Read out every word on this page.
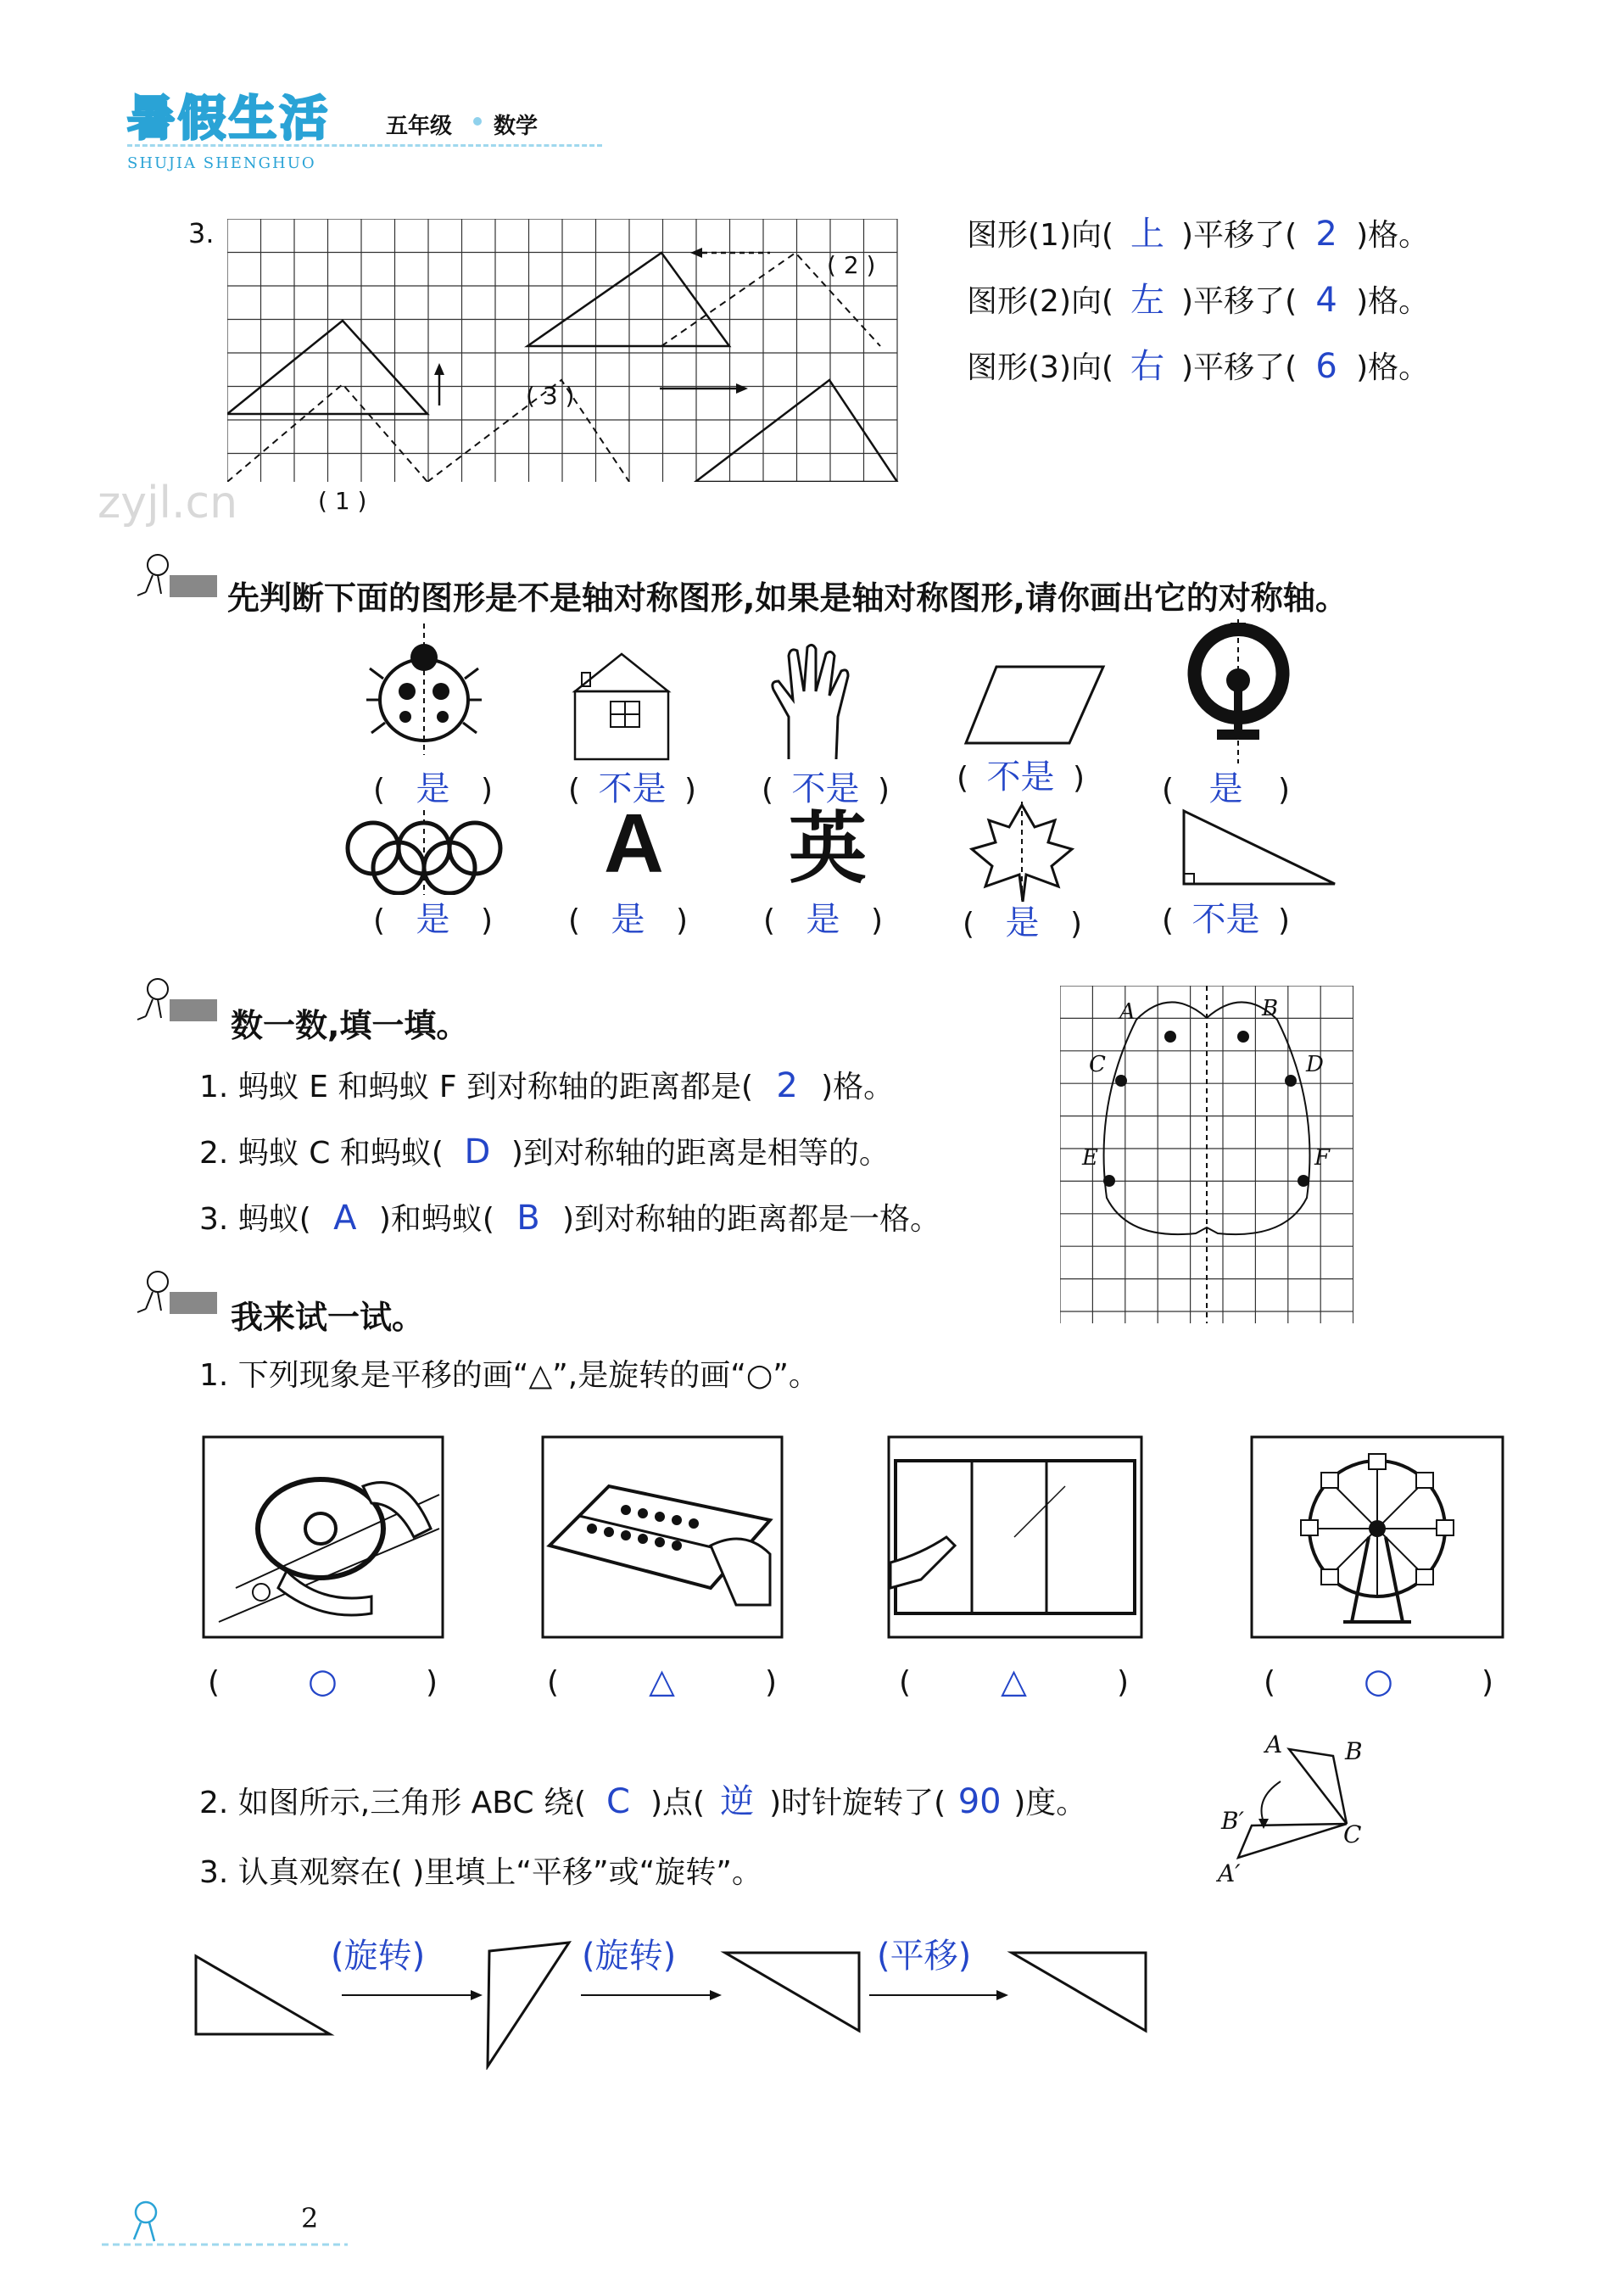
暑假生活
SHUJIA SHENGHUO
五年级 数学
3.
( 2 )
( 3 )
( 1 )
zyjl.cn
图形(1)向( 上 )平移了( 2 )格。
图形(2)向( 左 )平移了( 4 )格。
图形(3)向( 右 )平移了( 6 )格。
先判断下面的图形是不是轴对称图形,如果是轴对称图形,请你画出它的对称轴。
( 是 ) ( 不是 ) ( 不是 ) ( 不是 )	( 是 )
A 英
( 是 ) ( 是 ) ( 是 )	( 是 )	( 不是 )
数一数,填一填。
1. 蚂蚁 E 和蚂蚁 F 到对称轴的距离都是( 2 )格。
2. 蚂蚁 C 和蚂蚁( D )到对称轴的距离是相等的。
3. 蚂蚁( A )和蚂蚁( B )到对称轴的距离都是一格。
A	B
C	D
E	F
我来试一试。
1. 下列现象是平移的画“△”,是旋转的画“○”。
( ○	)	( △	)	( △	)	( ○	)
2. 如图所示,三角形 ABC 绕( C )点( 逆 )时针旋转了( 90 )度。
A	B
B′	C
A′
3. 认真观察在( )里填上“平移”或“旋转”。
(旋转)	(旋转)	(平移)
2
